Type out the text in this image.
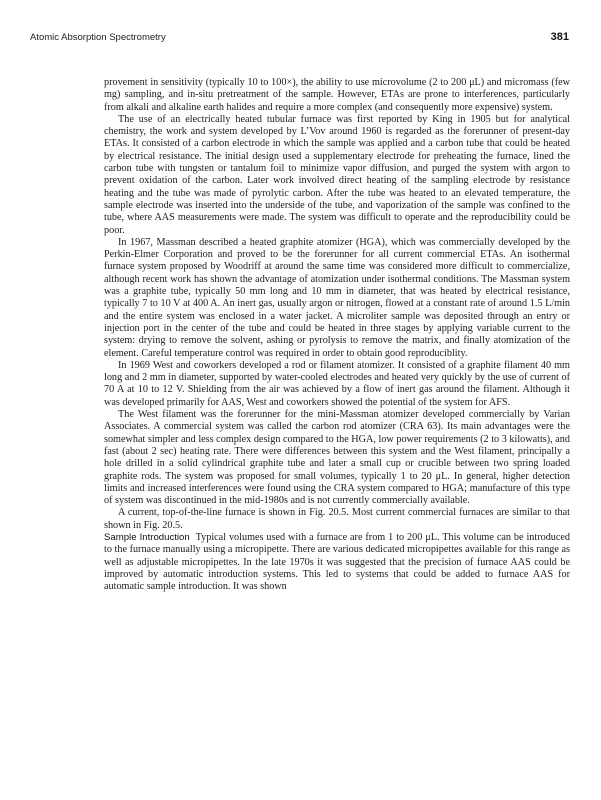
Atomic Absorption Spectrometry	381

provement in sensitivity (typically 10 to 100×), the ability to use microvolume (2 to 200 μL) and micromass (few mg) sampling, and in-situ pretreatment of the sample. However, ETAs are prone to interferences, particularly from alkali and alkaline earth halides and require a more complex (and consequently more expensive) system.

The use of an electrically heated tubular furnace was first reported by King in 1905 but for analytical chemistry, the work and system developed by L’Vov around 1960 is regarded as the forerunner of present-day ETAs. It consisted of a carbon electrode in which the sample was applied and a carbon tube that could be heated by electrical resistance. The initial design used a supplementary electrode for preheating the furnace, lined the carbon tube with tungsten or tantalum foil to minimize vapor diffusion, and purged the system with argon to prevent oxidation of the carbon. Later work involved direct heating of the sampling electrode by resistance heating and the tube was made of pyrolytic carbon. After the tube was heated to an elevated temperature, the sample electrode was inserted into the underside of the tube, and vaporization of the sample was confined to the tube, where AAS measurements were made. The system was difficult to operate and the reproducibility could be poor.

In 1967, Massman described a heated graphite atomizer (HGA), which was commercially developed by the Perkin-Elmer Corporation and proved to be the forerunner for all current commercial ETAs. An isothermal furnace system proposed by Woodriff at around the same time was considered more difficult to commercialize, although recent work has shown the advantage of atomization under isothermal conditions. The Massman system was a graphite tube, typically 50 mm long and 10 mm in diameter, that was heated by electrical resistance, typically 7 to 10 V at 400 A. An inert gas, usually argon or nitrogen, flowed at a constant rate of around 1.5 L/min and the entire system was enclosed in a water jacket. A microliter sample was deposited through an entry or injection port in the center of the tube and could be heated in three stages by applying variable current to the system: drying to remove the solvent, ashing or pyrolysis to remove the matrix, and finally atomization of the element. Careful temperature control was required in order to obtain good reproduciblity.

In 1969 West and coworkers developed a rod or filament atomizer. It consisted of a graphite filament 40 mm long and 2 mm in diameter, supported by water-cooled electrodes and heated very quickly by the use of current of 70 A at 10 to 12 V. Shielding from the air was achieved by a flow of inert gas around the filament. Although it was developed primarily for AAS, West and coworkers showed the potential of the system for AFS.

The West filament was the forerunner for the mini-Massman atomizer developed commercially by Varian Associates. A commercial system was called the carbon rod atomizer (CRA 63). Its main advantages were the somewhat simpler and less complex design compared to the HGA, low power requirements (2 to 3 kilowatts), and fast (about 2 sec) heating rate. There were differences between this system and the West filament, principally a hole drilled in a solid cylindrical graphite tube and later a small cup or crucible between two spring loaded graphite rods. The system was proposed for small volumes, typically 1 to 20 μL. In general, higher detection limits and increased interferences were found using the CRA system compared to HGA; manufacture of this type of system was discontinued in the mid-1980s and is not currently commercially available.

A current, top-of-the-line furnace is shown in Fig. 20.5. Most current commercial furnaces are similar to that shown in Fig. 20.5.

Sample Introduction Typical volumes used with a furnace are from 1 to 200 μL. This volume can be introduced to the furnace manually using a micropipette. There are various dedicated micropipettes available for this range as well as adjustable micropipettes. In the late 1970s it was suggested that the precision of furnace AAS could be improved by automatic introduction systems. This led to systems that could be added to furnace AAS for automatic sample introduction. It was shown
